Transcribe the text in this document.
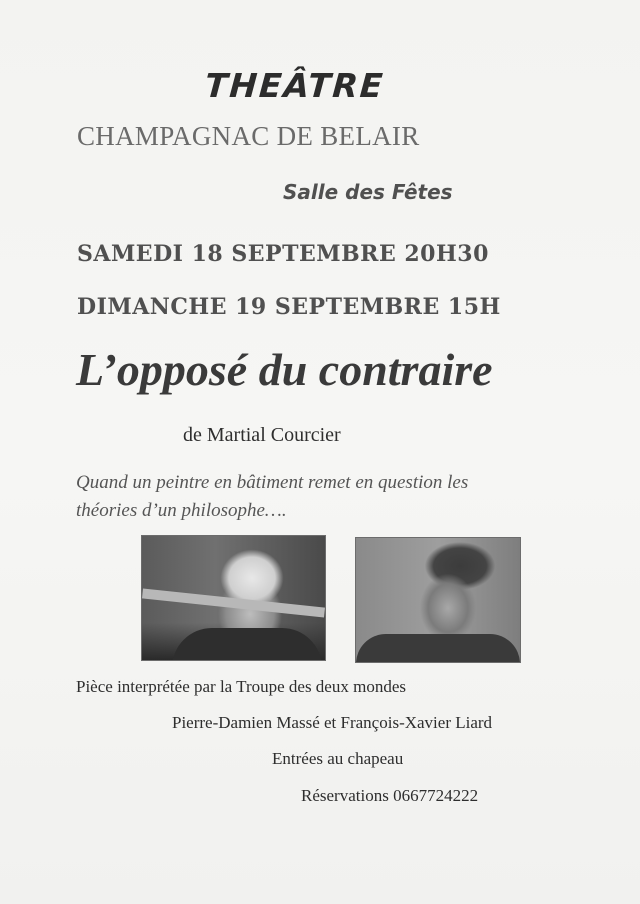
THEÂTRE
CHAMPAGNAC DE BELAIR
Salle des Fêtes
SAMEDI 18 SEPTEMBRE 20H30
DIMANCHE 19 SEPTEMBRE 15H
L’opposé du contraire
de Martial Courcier
Quand un peintre en bâtiment remet en question les
théories d’un philosophe….
Pièce interprétée par la Troupe des deux mondes
Pierre-Damien Massé et François-Xavier Liard
Entrées au chapeau
Réservations 0667724222
